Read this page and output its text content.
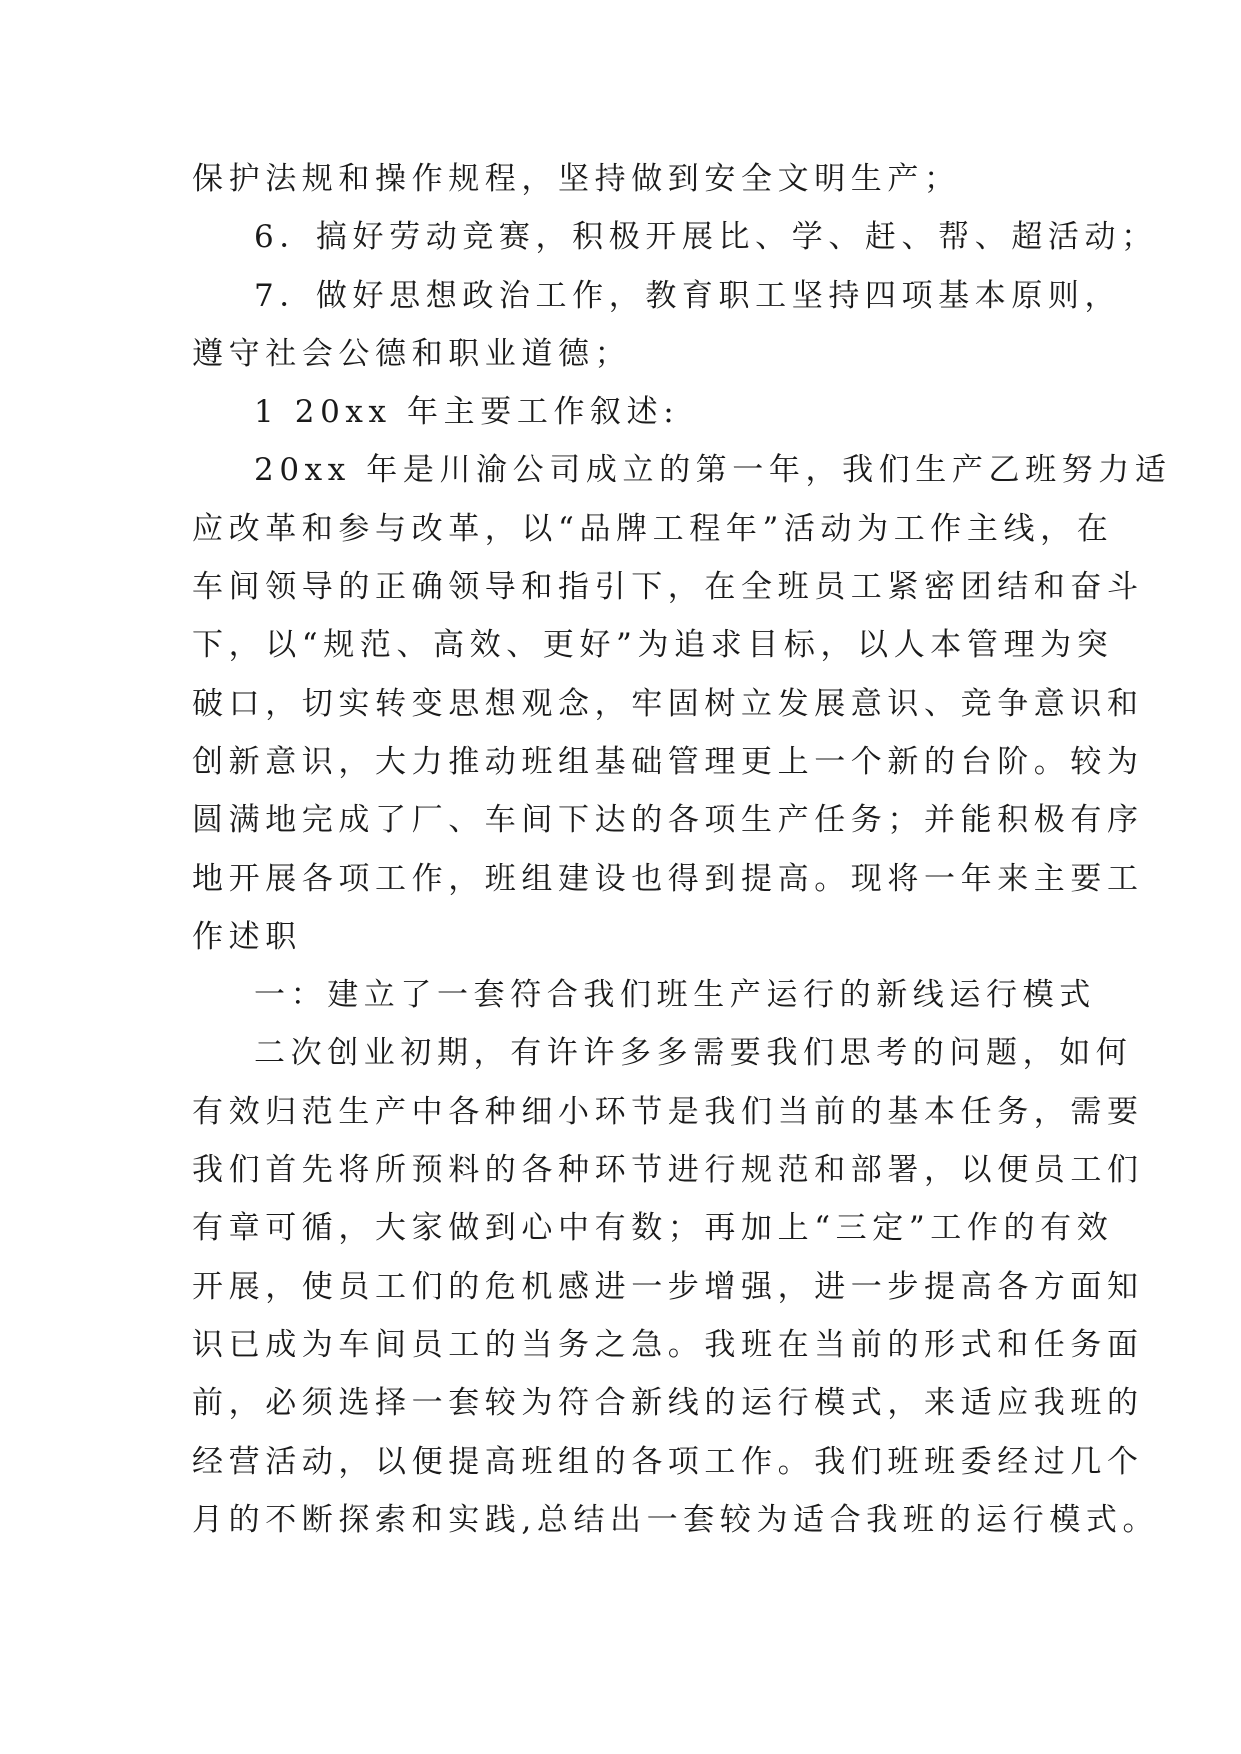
保护法规和操作规程，坚持做到安全文明生产；
6．搞好劳动竞赛，积极开展比、学、赶、帮、超活动；
7．做好思想政治工作，教育职工坚持四项基本原则，
遵守社会公德和职业道德；
1 20xx 年主要工作叙述:
20xx 年是川渝公司成立的第一年，我们生产乙班努力适
应改革和参与改革，以“品牌工程年”活动为工作主线，在
车间领导的正确领导和指引下，在全班员工紧密团结和奋斗
下，以“规范、高效、更好”为追求目标，以人本管理为突
破口，切实转变思想观念，牢固树立发展意识、竞争意识和
创新意识，大力推动班组基础管理更上一个新的台阶。较为
圆满地完成了厂、车间下达的各项生产任务；并能积极有序
地开展各项工作，班组建设也得到提高。现将一年来主要工
作述职
一：建立了一套符合我们班生产运行的新线运行模式
二次创业初期，有许许多多需要我们思考的问题，如何
有效归范生产中各种细小环节是我们当前的基本任务，需要
我们首先将所预料的各种环节进行规范和部署，以便员工们
有章可循，大家做到心中有数；再加上“三定”工作的有效
开展，使员工们的危机感进一步增强，进一步提高各方面知
识已成为车间员工的当务之急。我班在当前的形式和任务面
前，必须选择一套较为符合新线的运行模式，来适应我班的
经营活动，以便提高班组的各项工作。我们班班委经过几个
月的不断探索和实践,总结出一套较为适合我班的运行模式。
